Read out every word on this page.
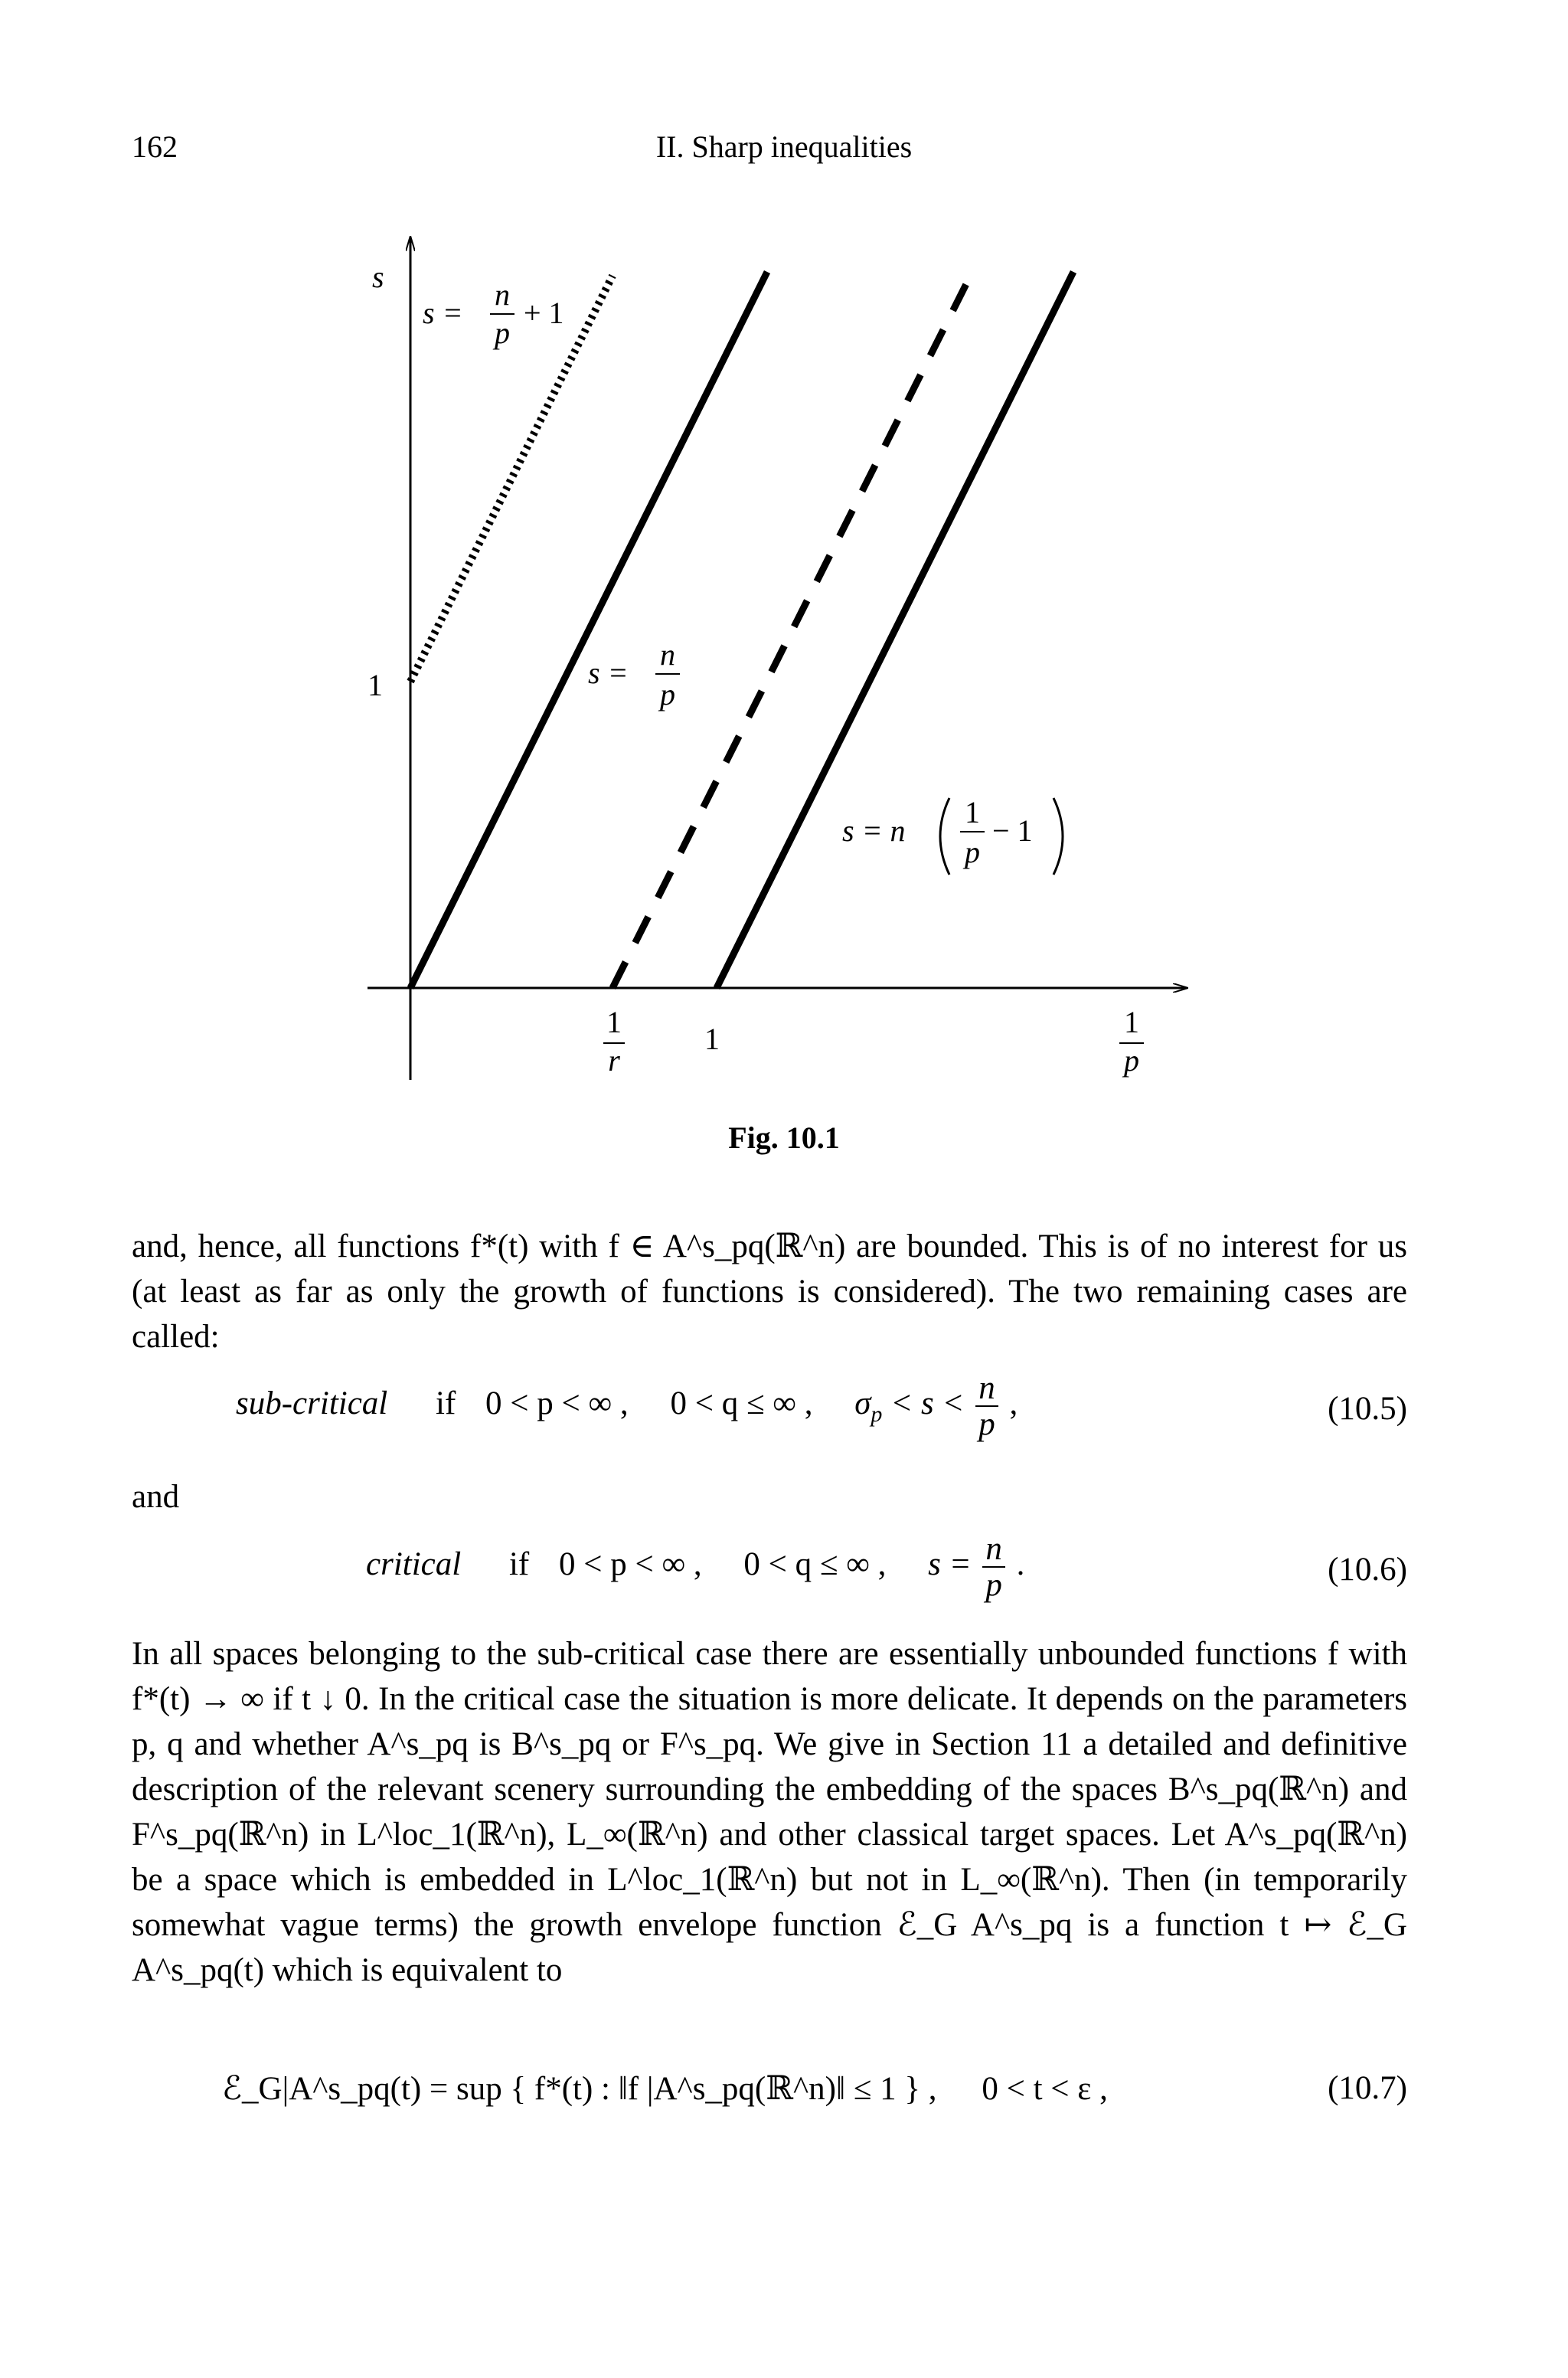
162	II. Sharp inequalities
s
1
1
r
1	1
p
s =
n
p
+ 1
s =
n
p
s = n
1
p
− 1
Fig. 10.1
and, hence, all functions f*(t) with f ∈ A^s_pq(ℝ^n) are bounded. This is of no interest for us (at least as far as only the growth of functions is considered). The two remaining cases are called:
sub-critical if 0 < p < ∞ , 0 < q ≤ ∞ , $\sigma_p < s < \frac{n}{p}$ ,	(10.5)
and
critical if 0 < p < ∞ , 0 < q ≤ ∞ , $s = \frac{n}{p}$ .	(10.6)
In all spaces belonging to the sub-critical case there are essentially unbounded functions f with f*(t) → ∞ if t ↓ 0. In the critical case the situation is more delicate. It depends on the parameters p, q and whether A^s_pq is B^s_pq or F^s_pq. We give in Section 11 a detailed and definitive description of the relevant scenery surrounding the embedding of the spaces B^s_pq(ℝ^n) and F^s_pq(ℝ^n) in L^loc_1(ℝ^n), L_∞(ℝ^n) and other classical target spaces. Let A^s_pq(ℝ^n) be a space which is embedded in L^loc_1(ℝ^n) but not in L_∞(ℝ^n). Then (in temporarily somewhat vague terms) the growth envelope function ℰ_G A^s_pq is a function t ↦ ℰ_G A^s_pq(t) which is equivalent to
ℰ_G|A^s_pq(t) = sup { f*(t) : ‖f |A^s_pq(ℝ^n)‖ ≤ 1 } , 0 < t < ε ,	(10.7)
